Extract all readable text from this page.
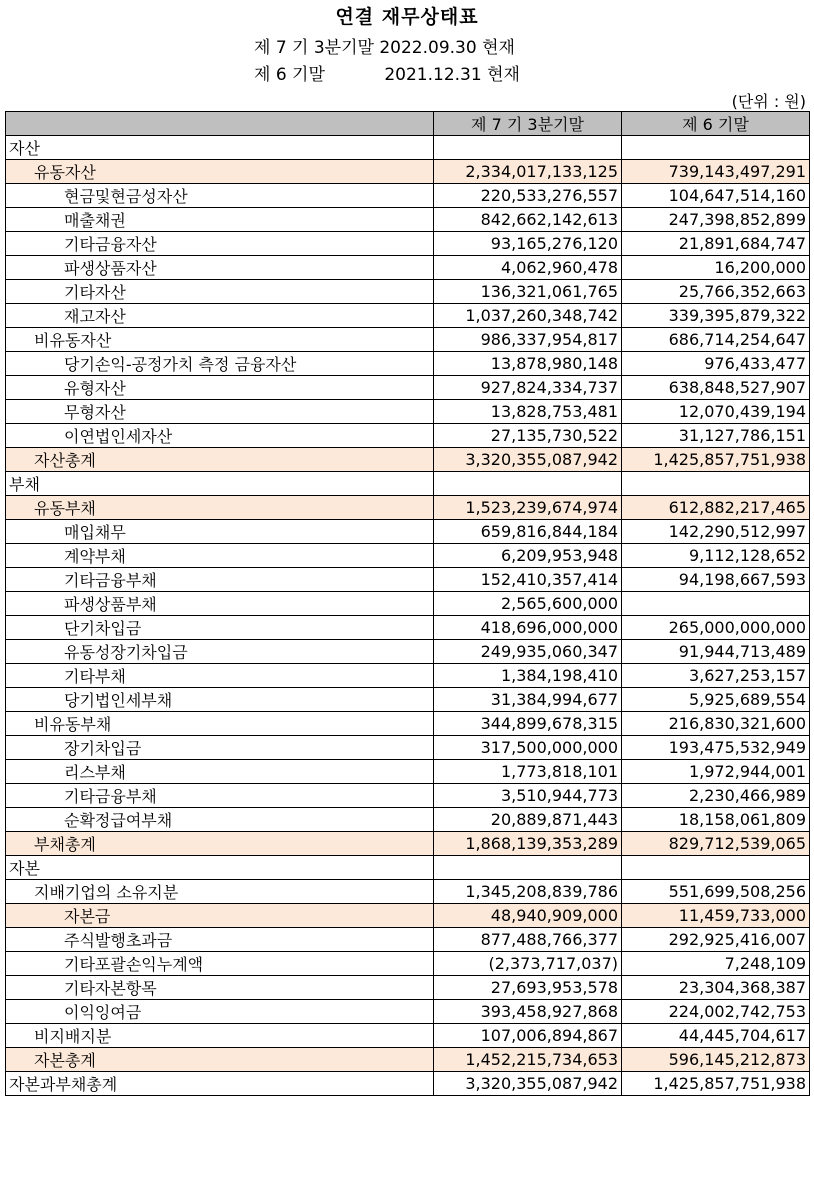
연결 재무상태표
제 7 기 3분기말 2022.09.30 현재
제 6 기말           2021.12.31 현재
(단위 : 원)
	제 7 기 3분기말	제 6 기말
자산		
유동자산	2,334,017,133,125	739,143,497,291
현금및현금성자산	220,533,276,557	104,647,514,160
매출채권	842,662,142,613	247,398,852,899
기타금융자산	93,165,276,120	21,891,684,747
파생상품자산	4,062,960,478	16,200,000
기타자산	136,321,061,765	25,766,352,663
재고자산	1,037,260,348,742	339,395,879,322
비유동자산	986,337,954,817	686,714,254,647
당기손익-공정가치 측정 금융자산	13,878,980,148	976,433,477
유형자산	927,824,334,737	638,848,527,907
무형자산	13,828,753,481	12,070,439,194
이연법인세자산	27,135,730,522	31,127,786,151
자산총계	3,320,355,087,942	1,425,857,751,938
부채		
유동부채	1,523,239,674,974	612,882,217,465
매입채무	659,816,844,184	142,290,512,997
계약부채	6,209,953,948	9,112,128,652
기타금융부채	152,410,357,414	94,198,667,593
파생상품부채	2,565,600,000	
단기차입금	418,696,000,000	265,000,000,000
유동성장기차입금	249,935,060,347	91,944,713,489
기타부채	1,384,198,410	3,627,253,157
당기법인세부채	31,384,994,677	5,925,689,554
비유동부채	344,899,678,315	216,830,321,600
장기차입금	317,500,000,000	193,475,532,949
리스부채	1,773,818,101	1,972,944,001
기타금융부채	3,510,944,773	2,230,466,989
순확정급여부채	20,889,871,443	18,158,061,809
부채총계	1,868,139,353,289	829,712,539,065
자본		
지배기업의 소유지분	1,345,208,839,786	551,699,508,256
자본금	48,940,909,000	11,459,733,000
주식발행초과금	877,488,766,377	292,925,416,007
기타포괄손익누계액	(2,373,717,037)	7,248,109
기타자본항목	27,693,953,578	23,304,368,387
이익잉여금	393,458,927,868	224,002,742,753
비지배지분	107,006,894,867	44,445,704,617
자본총계	1,452,215,734,653	596,145,212,873
자본과부채총계	3,320,355,087,942	1,425,857,751,938
